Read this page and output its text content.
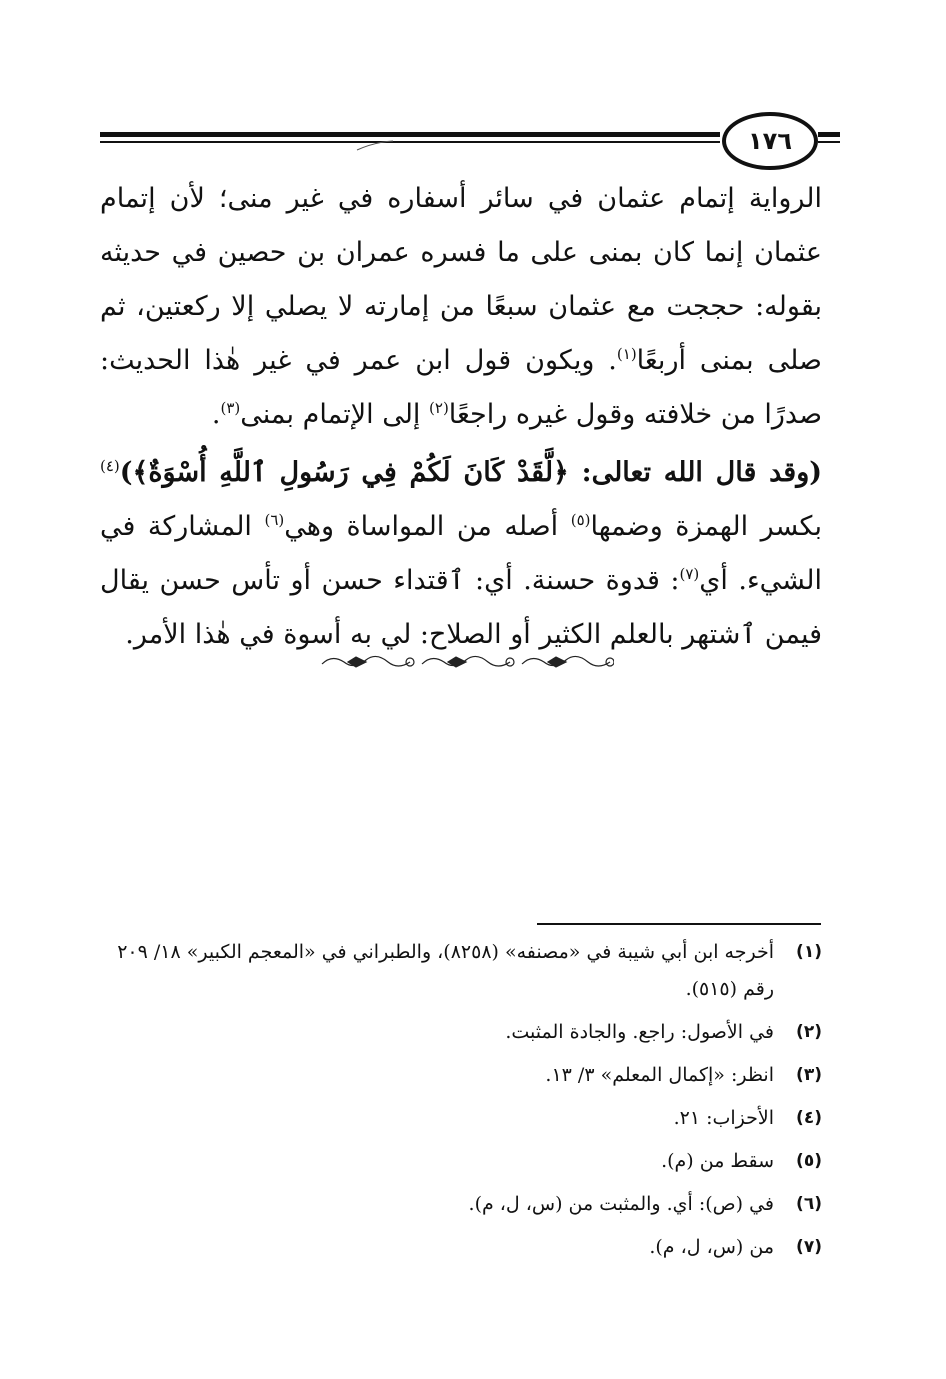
١٧٦

الرواية إتمام عثمان في سائر أسفاره في غير منى؛ لأن إتمام عثمان إنما كان بمنى على ما فسره عمران بن حصين في حديثه بقوله: حججت مع عثمان سبعًا من إمارته لا يصلي إلا ركعتين، ثم صلى بمنى أربعًا$^{(١)}$. ويكون قول ابن عمر في غير هٰذا الحديث: صدرًا من خلافته وقول غيره راجعًا$^{(٢)}$ إلى الإتمام بمنى$^{(٣)}$.

(وقد قال الله تعالى: ﴿لَّقَدْ كَانَ لَكُمْ فِي رَسُولِ ٱللَّهِ أُسْوَةٌ﴾)$^{(٤)}$ بكسر الهمزة وضمها$^{(٥)}$ أصله من المواساة وهي$^{(٦)}$ المشاركة في الشيء. أي$^{(٧)}$: قدوة حسنة. أي: ٱقتداء حسن أو تأس حسن يقال فيمن ٱشتهر بالعلم الكثير أو الصلاح: لي به أسوة في هٰذا الأمر.

(١)
أخرجه ابن أبي شيبة في «مصنفه» (٨٢٥٨)، والطبراني في «المعجم الكبير» ١٨/ ٢٠٩ رقم (٥١٥).
(٢)
في الأصول: راجع. والجادة المثبت.
(٣)
انظر: «إكمال المعلم» ٣/ ١٣.
(٤)
الأحزاب: ٢١.
(٥)
سقط من (م).
(٦)
في (ص): أي. والمثبت من (س، ل، م).
(٧)
من (س، ل، م).
